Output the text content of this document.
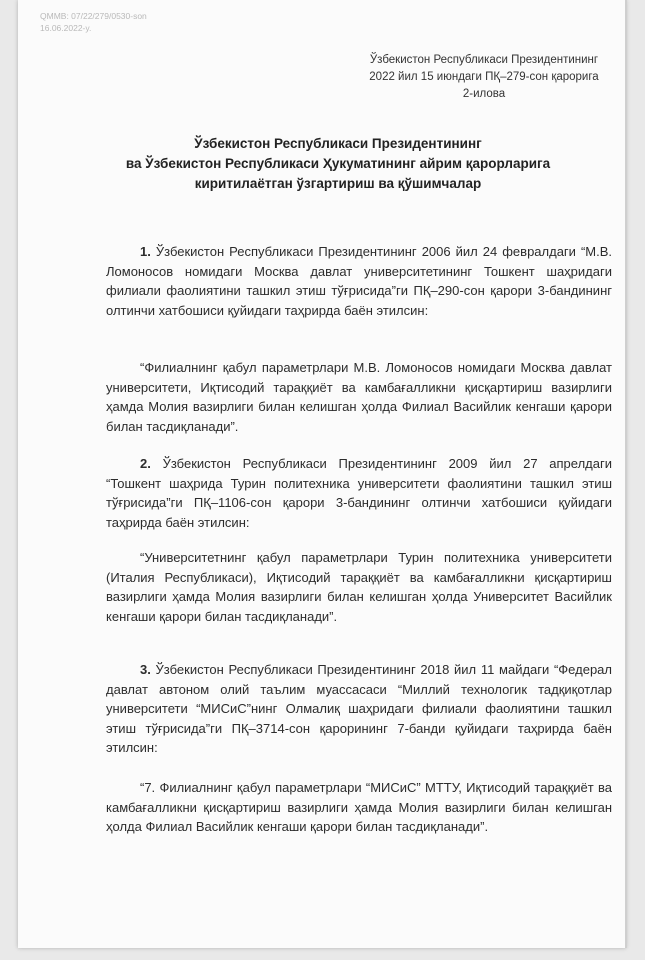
QMMB: 07/22/279/0530-son
16.06.2022-y.
Ўзбекистон Республикаси Президентининг
2022 йил 15 июндаги ПҚ–279-сон қарорига
2-илова
Ўзбекистон Республикаси Президентининг
ва Ўзбекистон Республикаси Ҳукуматининг айрим қарорларига
киритилаётган ўзгартириш ва қўшимчалар
1. Ўзбекистон Республикаси Президентининг 2006 йил 24 февралдаги “М.В. Ломоносов номидаги Москва давлат университетининг Тошкент шаҳридаги филиали фаолиятини ташкил этиш тўғрисида”ги ПҚ–290-сон қарори 3-бандининг олтинчи хатбошиси қуйидаги таҳрирда баён этилсин:
“Филиалнинг қабул параметрлари М.В. Ломоносов номидаги Москва давлат университети, Иқтисодий тараққиёт ва камбағалликни қисқартириш вазирлиги ҳамда Молия вазирлиги билан келишган ҳолда Филиал Васийлик кенгаши қарори билан тасдиқланади”.
2. Ўзбекистон Республикаси Президентининг 2009 йил 27 апрелдаги “Тошкент шаҳрида Турин политехника университети фаолиятини ташкил этиш тўғрисида”ги ПҚ–1106-сон қарори 3-бандининг олтинчи хатбошиси қуйидаги таҳрирда баён этилсин:
“Университетнинг қабул параметрлари Турин политехника университети (Италия Республикаси), Иқтисодий тараққиёт ва камбағалликни қисқартириш вазирлиги ҳамда Молия вазирлиги билан келишган ҳолда Университет Васийлик кенгаши қарори билан тасдиқланади”.
3. Ўзбекистон Республикаси Президентининг 2018 йил 11 майдаги “Федерал давлат автоном олий таълим муассасаси “Миллий технологик тадқиқотлар университети “МИСиС”нинг Олмалиқ шаҳридаги филиали фаолиятини ташкил этиш тўғрисида”ги ПҚ–3714-сон қарорининг 7-банди қуйидаги таҳрирда баён этилсин:
“7. Филиалнинг қабул параметрлари “МИСиС” МТТУ, Иқтисодий тараққиёт ва камбағалликни қисқартириш вазирлиги ҳамда Молия вазирлиги билан келишган ҳолда Филиал Васийлик кенгаши қарори билан тасдиқланади”.
